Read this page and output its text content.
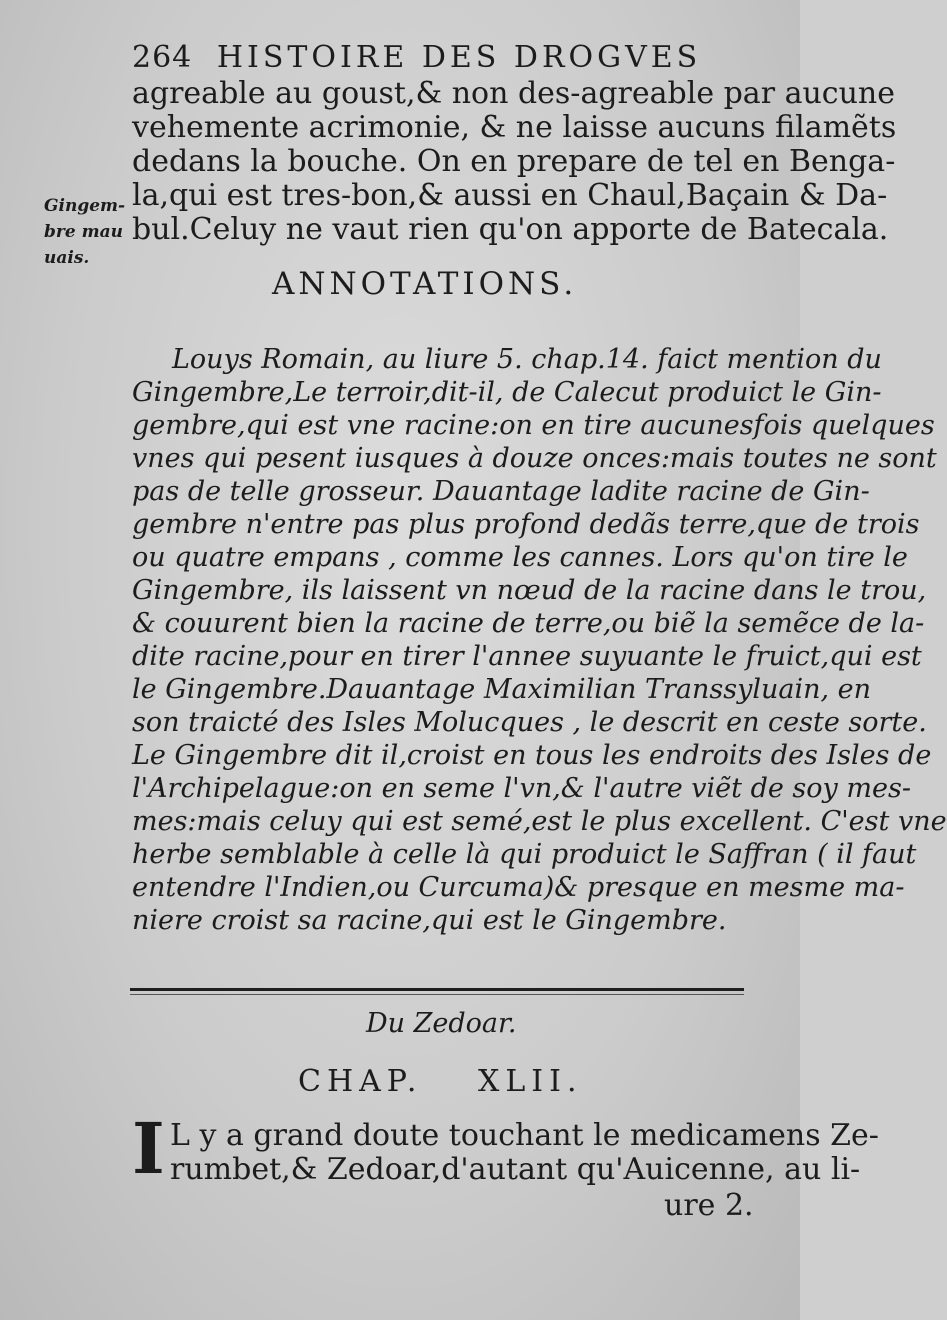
264 HISTOIRE DES DROGVES
agreable au goust,& non des-agreable par aucune
vehemente acrimonie, & ne laisse aucuns filamẽts
dedans la bouche. On en prepare de tel en Benga-
la,qui est tres-bon,& aussi en Chaul,Baçain & Da-
bul.Celuy ne vaut rien qu'on apporte de Batecala.
Gingem-
bre mau
uais.
ANNOTATIONS.
Louys Romain, au liure 5. chap.14. faict mention du
Gingembre,Le terroir,dit-il, de Calecut produict le Gin-
gembre,qui est vne racine:on en tire aucunesfois quelques
vnes qui pesent iusques à douze onces:mais toutes ne sont
pas de telle grosseur. Dauantage ladite racine de Gin-
gembre n'entre pas plus profond dedãs terre,que de trois
ou quatre empans , comme les cannes. Lors qu'on tire le
Gingembre, ils laissent vn nœud de la racine dans le trou,
& couurent bien la racine de terre,ou biẽ la semẽce de la-
dite racine,pour en tirer l'annee suyuante le fruict,qui est
le Gingembre.Dauantage Maximilian Transsyluain, en
son traicté des Isles Molucques , le descrit en ceste sorte.
Le Gingembre dit il,croist en tous les endroits des Isles de
l'Archipelague:on en seme l'vn,& l'autre viẽt de soy mes-
mes:mais celuy qui est semé,est le plus excellent. C'est vne
herbe semblable à celle là qui produict le Saffran ( il faut
entendre l'Indien,ou Curcuma)& presque en mesme ma-
niere croist sa racine,qui est le Gingembre.
Du Zedoar.
CHAP. XLII.
I L y a grand doute touchant le medicamens Ze-
rumbet,& Zedoar,d'autant qu'Auicenne, au li-
ure 2.
